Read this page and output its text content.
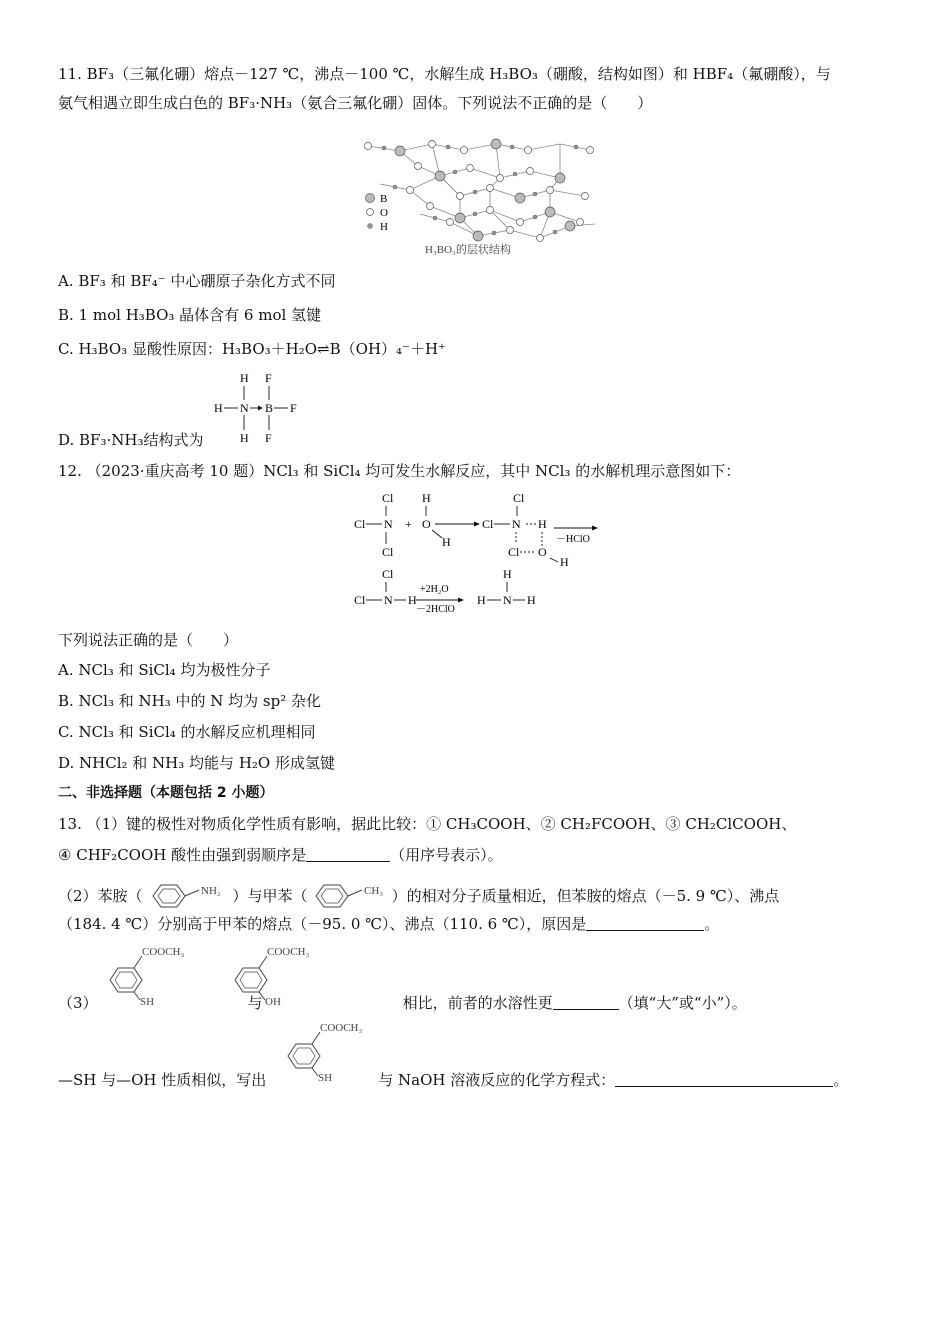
11. BF₃（三氟化硼）熔点－127 ℃，沸点－100 ℃，水解生成 H₃BO₃（硼酸，结构如图）和 HBF₄（氟硼酸），与
氨气相遇立即生成白色的 BF₃·NH₃（氨合三氟化硼）固体。下列说法不正确的是（　　）
B
O
H
H₃BO₃的层状结构
A. BF₃ 和 BF₄⁻ 中心硼原子杂化方式不同
B. 1 mol H₃BO₃ 晶体含有 6 mol 氢键
C. H₃BO₃ 显酸性原因：H₃BO₃＋H₂O⇌B（OH）₄⁻＋H⁺
H F
H N B F
H F
D. BF₃·NH₃结构式为
12. （2023·重庆高考 10 题）NCl₃ 和 SiCl₄ 均可发生水解反应，其中 NCl₃ 的水解机理示意图如下：
Cl
Cl N
Cl
+
H
O
H
Cl
Cl N H
Cl O
H
－HClO
Cl
Cl N H
+2H₂O
－2HClO
H
H
N H
下列说法正确的是（　　）
A. NCl₃ 和 SiCl₄ 均为极性分子
B. NCl₃ 和 NH₃ 中的 N 均为 sp² 杂化
C. NCl₃ 和 SiCl₄ 的水解反应机理相同
D. NHCl₂ 和 NH₃ 均能与 H₂O 形成氢键
二、非选择题（本题包括 2 小题）
13. （1）键的极性对物质化学性质有影响，据此比较：① CH₃COOH、② CH₂FCOOH、③ CH₂ClCOOH、
④ CHF₂COOH 酸性由强到弱顺序是	（用序号表示）。
（2）苯胺（	NH₂ ）与甲苯（	CH₃ ）的相对分子质量相近，但苯胺的熔点（－5. 9 ℃）、沸点
（184. 4 ℃）分别高于甲苯的熔点（－95. 0 ℃）、沸点（110. 6 ℃），原因是	。
（3）	与	相比，前者的水溶性更	（填“大”或“小”）。
COOCH₃
SH
COOCH₃
OH
COOCH₃
SH
—SH 与—OH 性质相似，写出	与 NaOH 溶液反应的化学方程式：	。
